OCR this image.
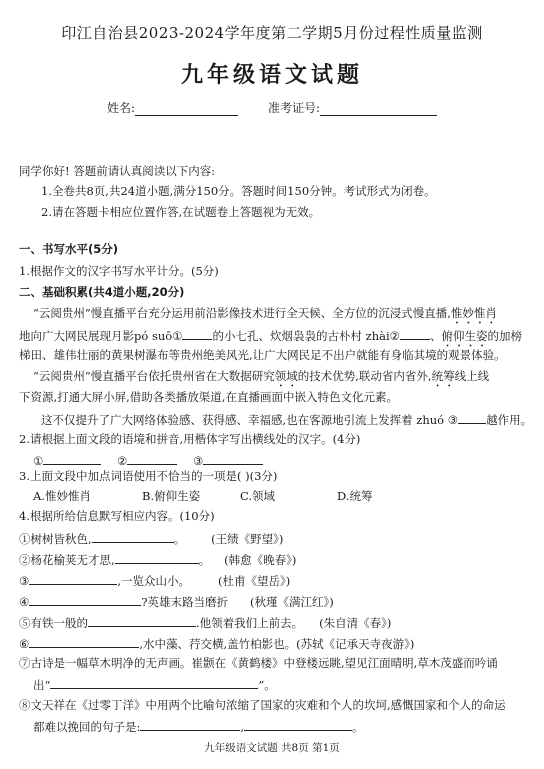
印江自治县2023-2024学年度第二学期5月份过程性质量监测
九年级语文试题
姓名:	准考证号:
同学你好! 答题前请认真阅读以下内容:
1.全卷共8页,共24道小题,满分150分。答题时间150分钟。考试形式为闭卷。
2.请在答题卡相应位置作答,在试题卷上答题视为无效。
一、书写水平(5分)
1.根据作文的汉字书写水平计分。(5分)
二、基础积累(共4道小题,20分)
“云阅贵州”慢直播平台充分运用前沿影像技术进行全天候、全方位的沉浸式慢直播,惟妙惟肖
地向广大网民展现月影pó suō①	的小七孔、炊烟袅袅的古朴村 zhài②	、俯仰生姿的加榜
梯田、雄伟壮丽的黄果树瀑布等贵州绝美风光,让广大网民足不出户就能有身临其境的观景体验。
“云阅贵州”慢直播平台依托贵州省在大数据研究领域的技术优势,联动省内省外,统筹线上线
下资源,打通大屏小屏,借助各类播放渠道,在直播画面中嵌入特色文化元素。
这不仅提升了广大网络体验感、获得感、幸福感,也在客源地引流上发挥着 zhuó ③ 越作用。
2.请根据上面文段的语境和拼音,用楷体字写出横线处的汉字。(4分)
①	②	③
3.上面文段中加点词语使用不恰当的一项是( )(3分)
A.惟妙惟肖	B.俯仰生姿	C.领域	D.统筹
4.根据所给信息默写相应内容。(10分)
①树树皆秋色,	。 (王绩《野望》)
②杨花榆荚无才思,	。 (韩愈《晚春》)
③	,一览众山小。 (杜甫《望岳》)
④	?英雄末路当磨折 (秋瑾《满江红》)
⑤有铁一般的	.他领着我们上前去。 (朱自清《春》)
⑥	,水中藻、荇交横,盖竹柏影也。(苏轼《记承天寺夜游》)
⑦古诗是一幅草木明净的无声画。崔颢在《黄鹤楼》中登楼远眺,望见江面晴明,草木茂盛而吟诵
出“	”。
⑧文天祥在《过零丁洋》中用两个比喻句浓缩了国家的灾难和个人的坎坷,感慨国家和个人的命运
都难以挽回的句子是:	,	。
九年级语文试题 共8页 第1页
